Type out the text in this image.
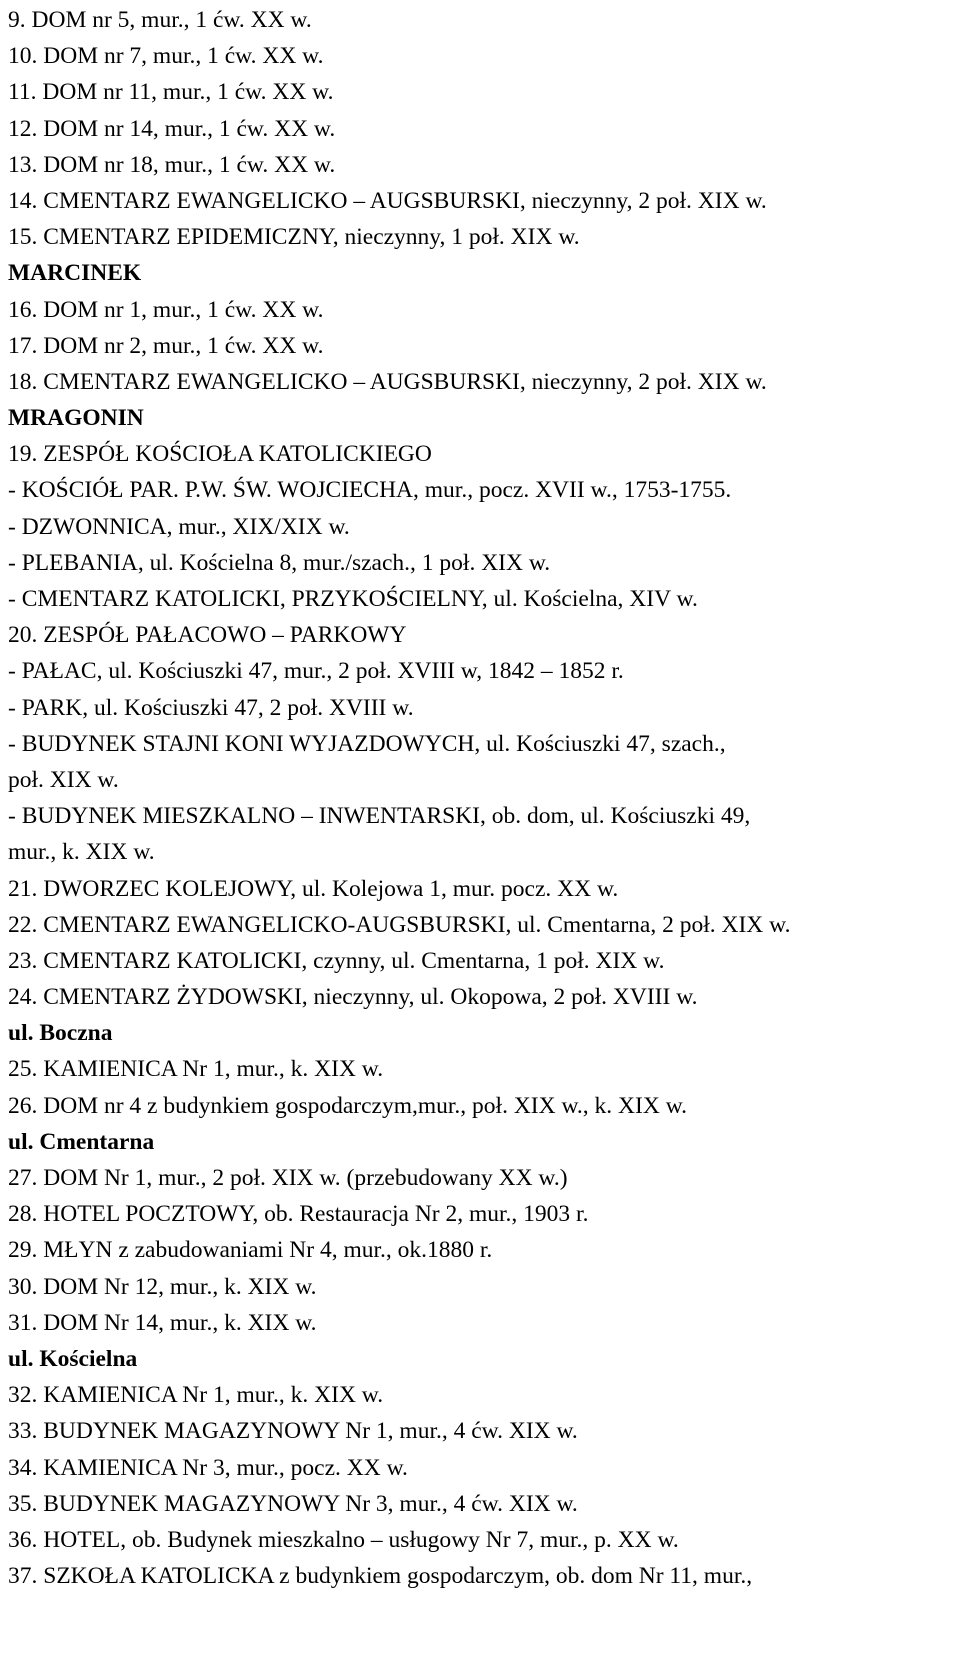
9. DOM nr 5, mur., 1 ćw. XX w.
10. DOM nr 7, mur., 1 ćw. XX w.
11. DOM nr 11, mur., 1 ćw. XX w.
12. DOM nr 14, mur., 1 ćw. XX w.
13. DOM nr 18, mur., 1 ćw. XX w.
14. CMENTARZ EWANGELICKO – AUGSBURSKI, nieczynny, 2 poł. XIX w.
15. CMENTARZ EPIDEMICZNY, nieczynny, 1 poł. XIX w.
MARCINEK
16. DOM nr 1, mur., 1 ćw. XX w.
17. DOM nr 2, mur., 1 ćw. XX w.
18. CMENTARZ EWANGELICKO – AUGSBURSKI, nieczynny, 2 poł. XIX w.
MRAGONIN
19. ZESPÓŁ KOŚCIOŁA KATOLICKIEGO
- KOŚCIÓŁ PAR. P.W. ŚW. WOJCIECHA, mur., pocz. XVII w., 1753-1755.
- DZWONNICA, mur., XIX/XIX w.
- PLEBANIA, ul. Kościelna 8, mur./szach., 1 poł. XIX w.
- CMENTARZ KATOLICKI, PRZYKOŚCIELNY, ul. Kościelna, XIV w.
20. ZESPÓŁ PAŁACOWO – PARKOWY
- PAŁAC, ul. Kościuszki 47, mur., 2 poł. XVIII w, 1842 – 1852 r.
- PARK, ul. Kościuszki 47, 2 poł. XVIII w.
- BUDYNEK STAJNI KONI WYJAZDOWYCH, ul. Kościuszki 47, szach.,
poł. XIX w.
- BUDYNEK MIESZKALNO – INWENTARSKI, ob. dom, ul. Kościuszki 49,
mur., k. XIX w.
21. DWORZEC KOLEJOWY, ul. Kolejowa 1, mur. pocz. XX w.
22. CMENTARZ EWANGELICKO-AUGSBURSKI, ul. Cmentarna, 2 poł. XIX w.
23. CMENTARZ KATOLICKI, czynny, ul. Cmentarna, 1 poł. XIX w.
24. CMENTARZ ŻYDOWSKI, nieczynny, ul. Okopowa, 2 poł. XVIII w.
ul. Boczna
25. KAMIENICA Nr 1, mur., k. XIX w.
26. DOM nr 4 z budynkiem gospodarczym,mur., poł. XIX w., k. XIX w.
ul. Cmentarna
27. DOM Nr 1, mur., 2 poł. XIX w. (przebudowany XX w.)
28. HOTEL POCZTOWY, ob. Restauracja Nr 2, mur., 1903 r.
29. MŁYN z zabudowaniami Nr 4, mur., ok.1880 r.
30. DOM Nr 12, mur., k. XIX w.
31. DOM Nr 14, mur., k. XIX w.
ul. Kościelna
32. KAMIENICA Nr 1, mur., k. XIX w.
33. BUDYNEK MAGAZYNOWY Nr 1, mur., 4 ćw. XIX w.
34. KAMIENICA Nr 3, mur., pocz. XX w.
35. BUDYNEK MAGAZYNOWY Nr 3, mur., 4 ćw. XIX w.
36. HOTEL, ob. Budynek mieszkalno – usługowy Nr 7, mur., p. XX w.
37. SZKOŁA KATOLICKA z budynkiem gospodarczym, ob. dom Nr 11, mur.,
